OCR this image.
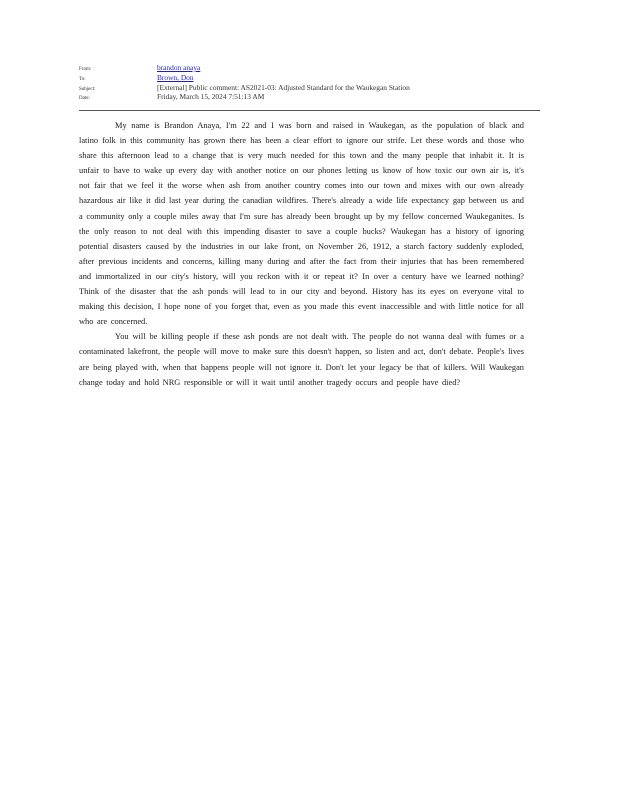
From:	brandon anaya
To:	Brown, Don
Subject:	[External] Public comment: AS2021-03: Adjusted Standard for the Waukegan Station
Date:	Friday, March 15, 2024 7:51:13 AM

My name is Brandon Anaya, I'm 22 and I was born and raised in Waukegan, as the population of black and latino folk in this community has grown there has been a clear effort to ignore our strife. Let these words and those who share this afternoon lead to a change that is very much needed for this town and the many people that inhabit it. It is unfair to have to wake up every day with another notice on our phones letting us know of how toxic our own air is, it's not fair that we feel it the worse when ash from another country comes into our town and mixes with our own already hazardous air like it did last year during the canadian wildfires. There's already a wide life expectancy gap between us and a community only a couple miles away that I'm sure has already been brought up by my fellow concerned Waukeganites. Is the only reason to not deal with this impending disaster to save a couple bucks? Waukegan has a history of ignoring potential disasters caused by the industries in our lake front, on November 26, 1912, a starch factory suddenly exploded, after previous incidents and concerns, killing many during and after the fact from their injuries that has been remembered and immortalized in our city's history, will you reckon with it or repeat it? In over a century have we learned nothing? Think of the disaster that the ash ponds will lead to in our city and beyond. History has its eyes on everyone vital to making this decision, I hope none of you forget that, even as you made this event inaccessible and with little notice for all who are concerned.

You will be killing people if these ash ponds are not dealt with. The people do not wanna deal with fumes or a contaminated lakefront, the people will move to make sure this doesn't happen, so listen and act, don't debate. People's lives are being played with, when that happens people will not ignore it. Don't let your legacy be that of killers. Will Waukegan change today and hold NRG responsible or will it wait until another tragedy occurs and people have died?
